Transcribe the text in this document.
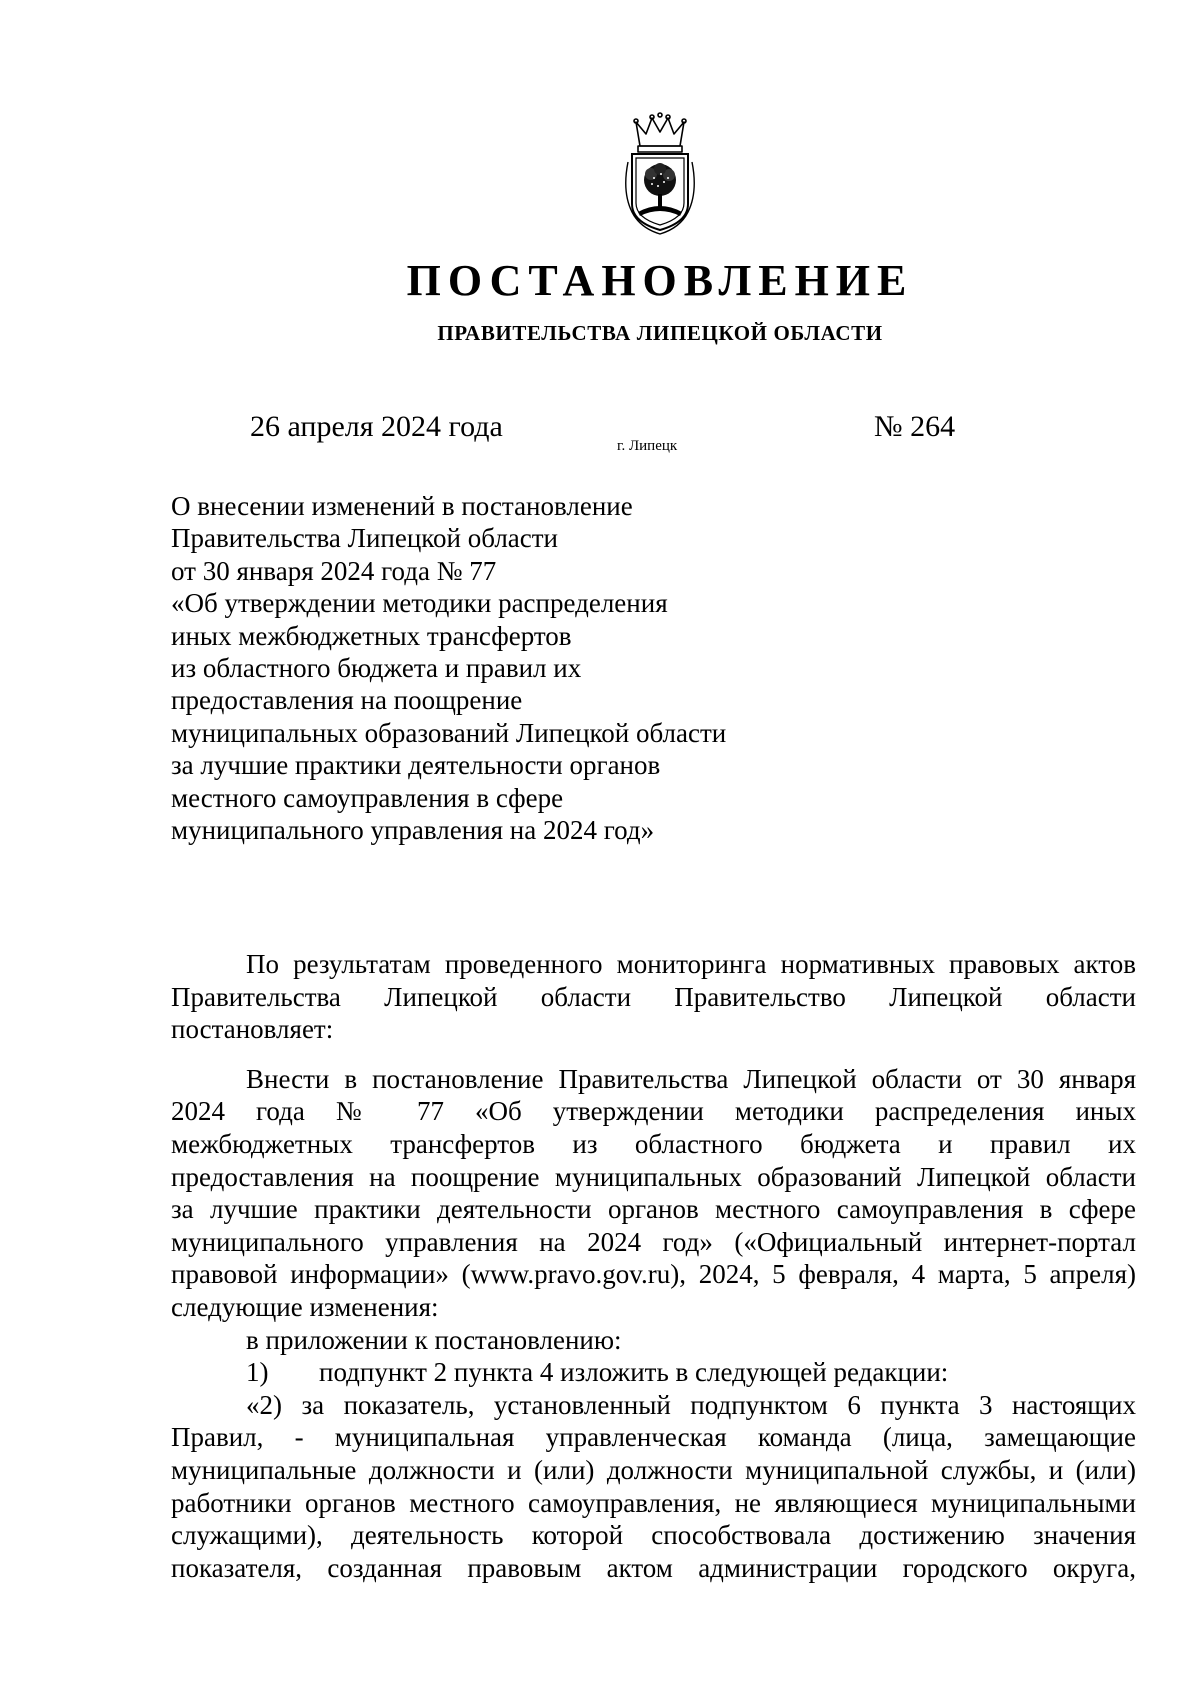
ПОСТАНОВЛЕНИЕ
ПРАВИТЕЛЬСТВА ЛИПЕЦКОЙ ОБЛАСТИ
26 апреля 2024 года
г. Липецк
№ 264
О внесении изменений в постановление
Правительства Липецкой области
от 30 января 2024 года № 77
«Об утверждении методики распределения
иных межбюджетных трансфертов
из областного бюджета и правил их
предоставления на поощрение
муниципальных образований Липецкой области
за лучшие практики деятельности органов
местного самоуправления в сфере
муниципального управления на 2024 год»
По результатам проведенного мониторинга нормативных правовых актов
Правительства Липецкой области Правительство Липецкой области
постановляет:
Внести в постановление Правительства Липецкой области от 30 января
2024 года № 77 «Об утверждении методики распределения иных
межбюджетных трансфертов из областного бюджета и правил их
предоставления на поощрение муниципальных образований Липецкой области
за лучшие практики деятельности органов местного самоуправления в сфере
муниципального управления на 2024 год» («Официальный интернет-портал
правовой информации» (www.pravo.gov.ru), 2024, 5 февраля, 4 марта, 5 апреля)
следующие изменения:
в приложении к постановлению:
1) подпункт 2 пункта 4 изложить в следующей редакции:
«2) за показатель, установленный подпунктом 6 пункта 3 настоящих
Правил, - муниципальная управленческая команда (лица, замещающие
муниципальные должности и (или) должности муниципальной службы, и (или)
работники органов местного самоуправления, не являющиеся муниципальными
служащими), деятельность которой способствовала достижению значения
показателя, созданная правовым актом администрации городского округа,
